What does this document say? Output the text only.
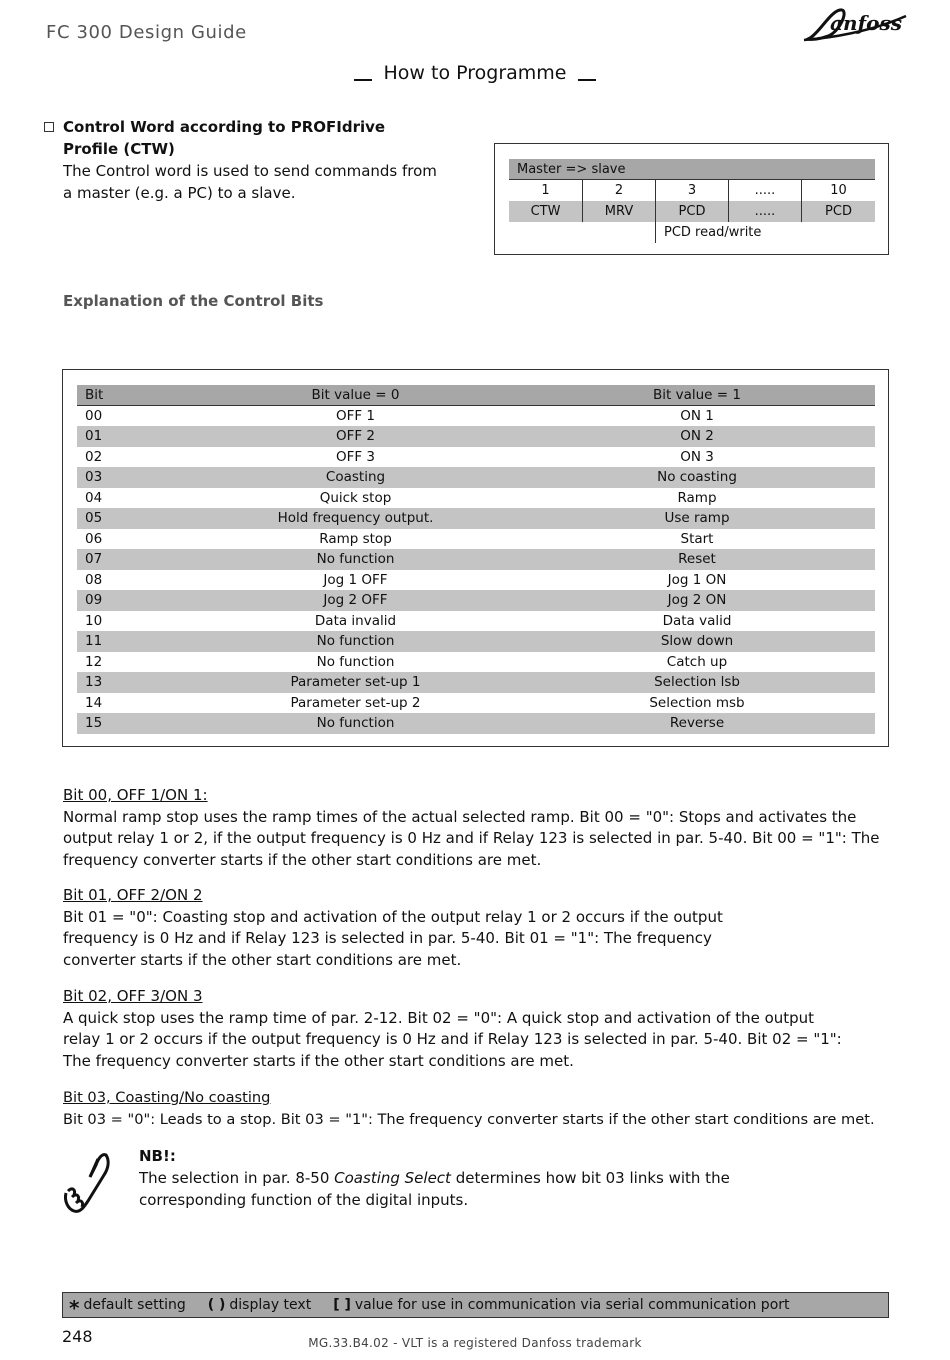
FC 300 Design Guide	anfoss
How to Programme
Control Word according to PROFIdrive Profile (CTW)
The Control word is used to send commands from a master (e.g. a PC) to a slave.
Master => slave
1	2	3	.....	10
CTW	MRV	PCD	.....	PCD
PCD read/write
Explanation of the Control Bits
Bit	Bit value = 0	Bit value = 1
00	OFF 1	ON 1
01	OFF 2	ON 2
02	OFF 3	ON 3
03	Coasting	No coasting
04	Quick stop	Ramp
05	Hold frequency output.	Use ramp
06	Ramp stop	Start
07	No function	Reset
08	Jog 1 OFF	Jog 1 ON
09	Jog 2 OFF	Jog 2 ON
10	Data invalid	Data valid
11	No function	Slow down
12	No function	Catch up
13	Parameter set-up 1	Selection lsb
14	Parameter set-up 2	Selection msb
15	No function	Reverse
Bit 00, OFF 1/ON 1:
Normal ramp stop uses the ramp times of the actual selected ramp. Bit 00 = "0": Stops and activates the output relay 1 or 2, if the output frequency is 0 Hz and if Relay 123 is selected in par. 5-40. Bit 00 = "1": The frequency converter starts if the other start conditions are met.
Bit 01, OFF 2/ON 2
Bit 01 = "0": Coasting stop and activation of the output relay 1 or 2 occurs if the output frequency is 0 Hz and if Relay 123 is selected in par. 5-40. Bit 01 = "1": The frequency converter starts if the other start conditions are met.
Bit 02, OFF 3/ON 3
A quick stop uses the ramp time of par. 2-12. Bit 02 = "0": A quick stop and activation of the output relay 1 or 2 occurs if the output frequency is 0 Hz and if Relay 123 is selected in par. 5-40. Bit 02 = "1": The frequency converter starts if the other start conditions are met.
Bit 03, Coasting/No coasting
Bit 03 = "0": Leads to a stop. Bit 03 = "1": The frequency converter starts if the other start conditions are met.
NB!:
The selection in par. 8-50 Coasting Select determines how bit 03 links with the corresponding function of the digital inputs.
* default setting ( ) display text [ ] value for use in communication via serial communication port
248	MG.33.B4.02 - VLT is a registered Danfoss trademark
